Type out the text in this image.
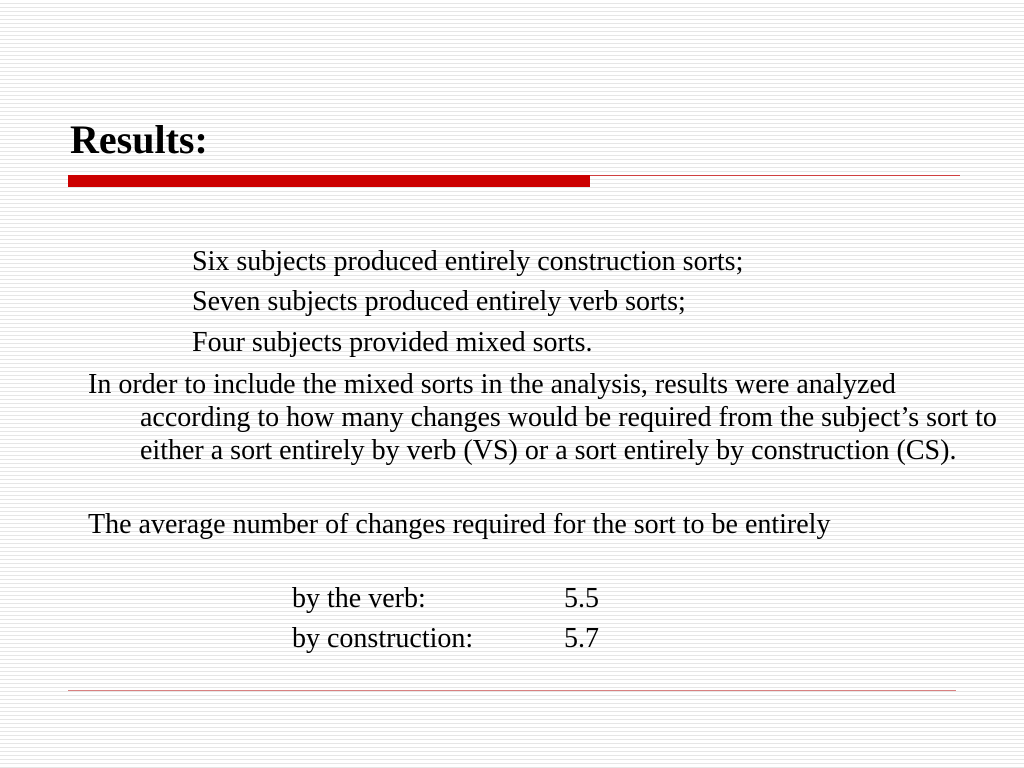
Results:
Six subjects produced entirely construction sorts;
Seven subjects produced entirely verb sorts;
Four subjects provided mixed sorts.

In order to include the mixed sorts in the analysis, results were analyzed according to how many changes would be required from the subject’s sort to either a sort entirely by verb (VS) or a sort entirely by construction (CS).

The average number of changes required for the sort to be entirely

by the verb:	5.5
by construction:	5.7
